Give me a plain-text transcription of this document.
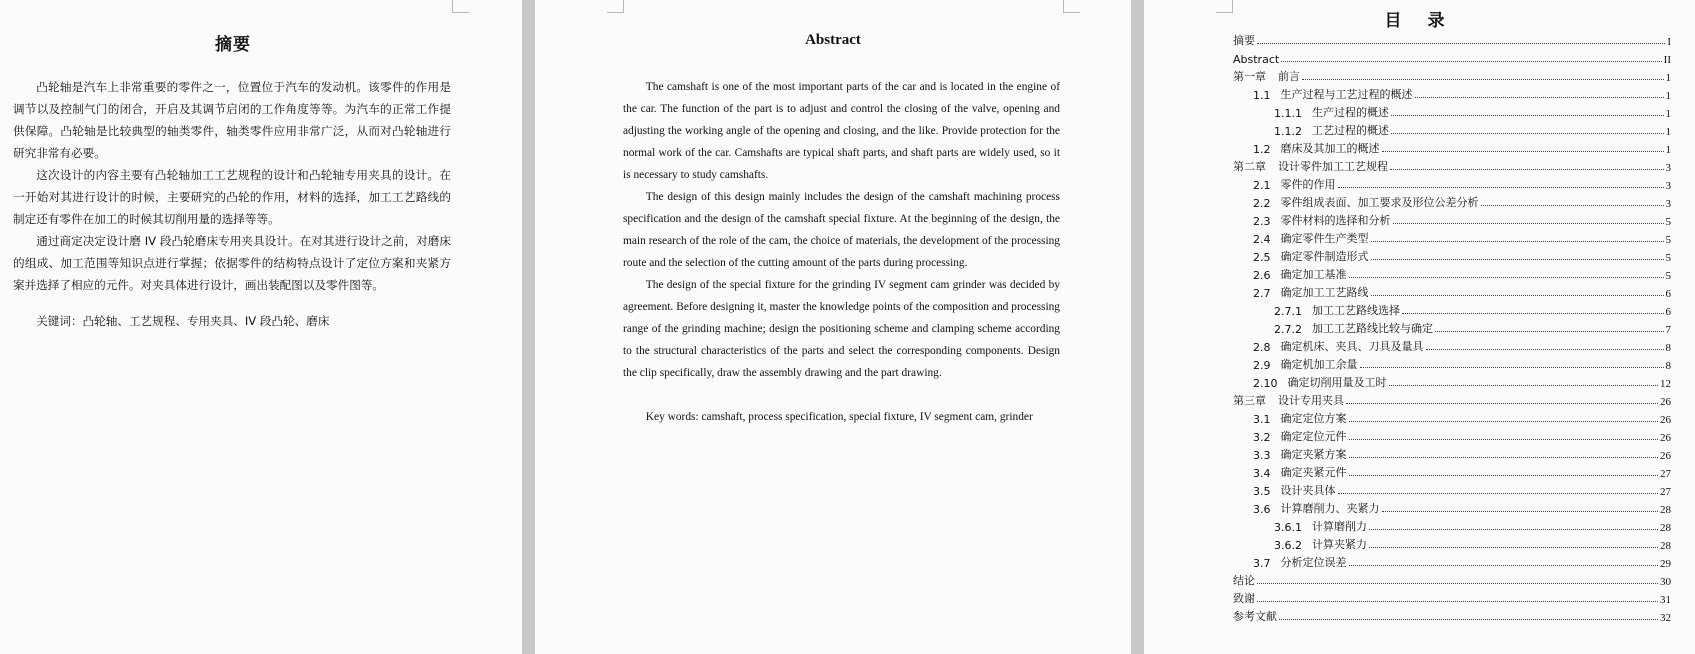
摘要

凸轮轴是汽车上非常重要的零件之一，位置位于汽车的发动机。该零件的作用是调节以及控制气门的闭合，开启及其调节启闭的工作角度等等。为汽车的正常工作提供保障。凸轮轴是比较典型的轴类零件，轴类零件应用非常广泛，从而对凸轮轴进行研究非常有必要。

这次设计的内容主要有凸轮轴加工工艺规程的设计和凸轮轴专用夹具的设计。在一开始对其进行设计的时候，主要研究的凸轮的作用，材料的选择，加工工艺路线的制定还有零件在加工的时候其切削用量的选择等等。

通过商定决定设计磨 IV 段凸轮磨床专用夹具设计。在对其进行设计之前，对磨床的组成、加工范围等知识点进行掌握；依据零件的结构特点设计了定位方案和夹紧方案并选择了相应的元件。对夹具体进行设计，画出装配图以及零件图等。

关键词：凸轮轴、工艺规程、专用夹具、IV 段凸轮、磨床

Abstract

The camshaft is one of the most important parts of the car and is located in the engine of the car. The function of the part is to adjust and control the closing of the valve, opening and adjusting the working angle of the opening and closing, and the like. Provide protection for the normal work of the car. Camshafts are typical shaft parts, and shaft parts are widely used, so it is necessary to study camshafts.

The design of this design mainly includes the design of the camshaft machining process specification and the design of the camshaft special fixture. At the beginning of the design, the main research of the role of the cam, the choice of materials, the development of the processing route and the selection of the cutting amount of the parts during processing.

The design of the special fixture for the grinding IV segment cam grinder was decided by agreement. Before designing it, master the knowledge points of the composition and processing range of the grinding machine; design the positioning scheme and clamping scheme according to the structural characteristics of the parts and select the corresponding components. Design the clip specifically, draw the assembly drawing and the part drawing.

Key words: camshaft, process specification, special fixture, IV segment cam, grinder

目 录
摘要	I
Abstract	II
第一章 前言	1
1.1 生产过程与工艺过程的概述	1
1.1.1 生产过程的概述	1
1.1.2 工艺过程的概述	1
1.2 磨床及其加工的概述	1
第二章 设计零件加工工艺规程	3
2.1 零件的作用	3
2.2 零件组成表面、加工要求及形位公差分析	3
2.3 零件材料的选择和分析	5
2.4 确定零件生产类型	5
2.5 确定零件制造形式	5
2.6 确定加工基准	5
2.7 确定加工工艺路线	6
2.7.1 加工工艺路线选择	6
2.7.2 加工工艺路线比较与确定	7
2.8 确定机床、夹具、刀具及量具	8
2.9 确定机加工余量	8
2.10 确定切削用量及工时	12
第三章 设计专用夹具	26
3.1 确定定位方案	26
3.2 确定定位元件	26
3.3 确定夹紧方案	26
3.4 确定夹紧元件	27
3.5 设计夹具体	27
3.6 计算磨削力、夹紧力	28
3.6.1 计算磨削力	28
3.6.2 计算夹紧力	28
3.7 分析定位误差	29
结论	30
致谢	31
参考文献	32
